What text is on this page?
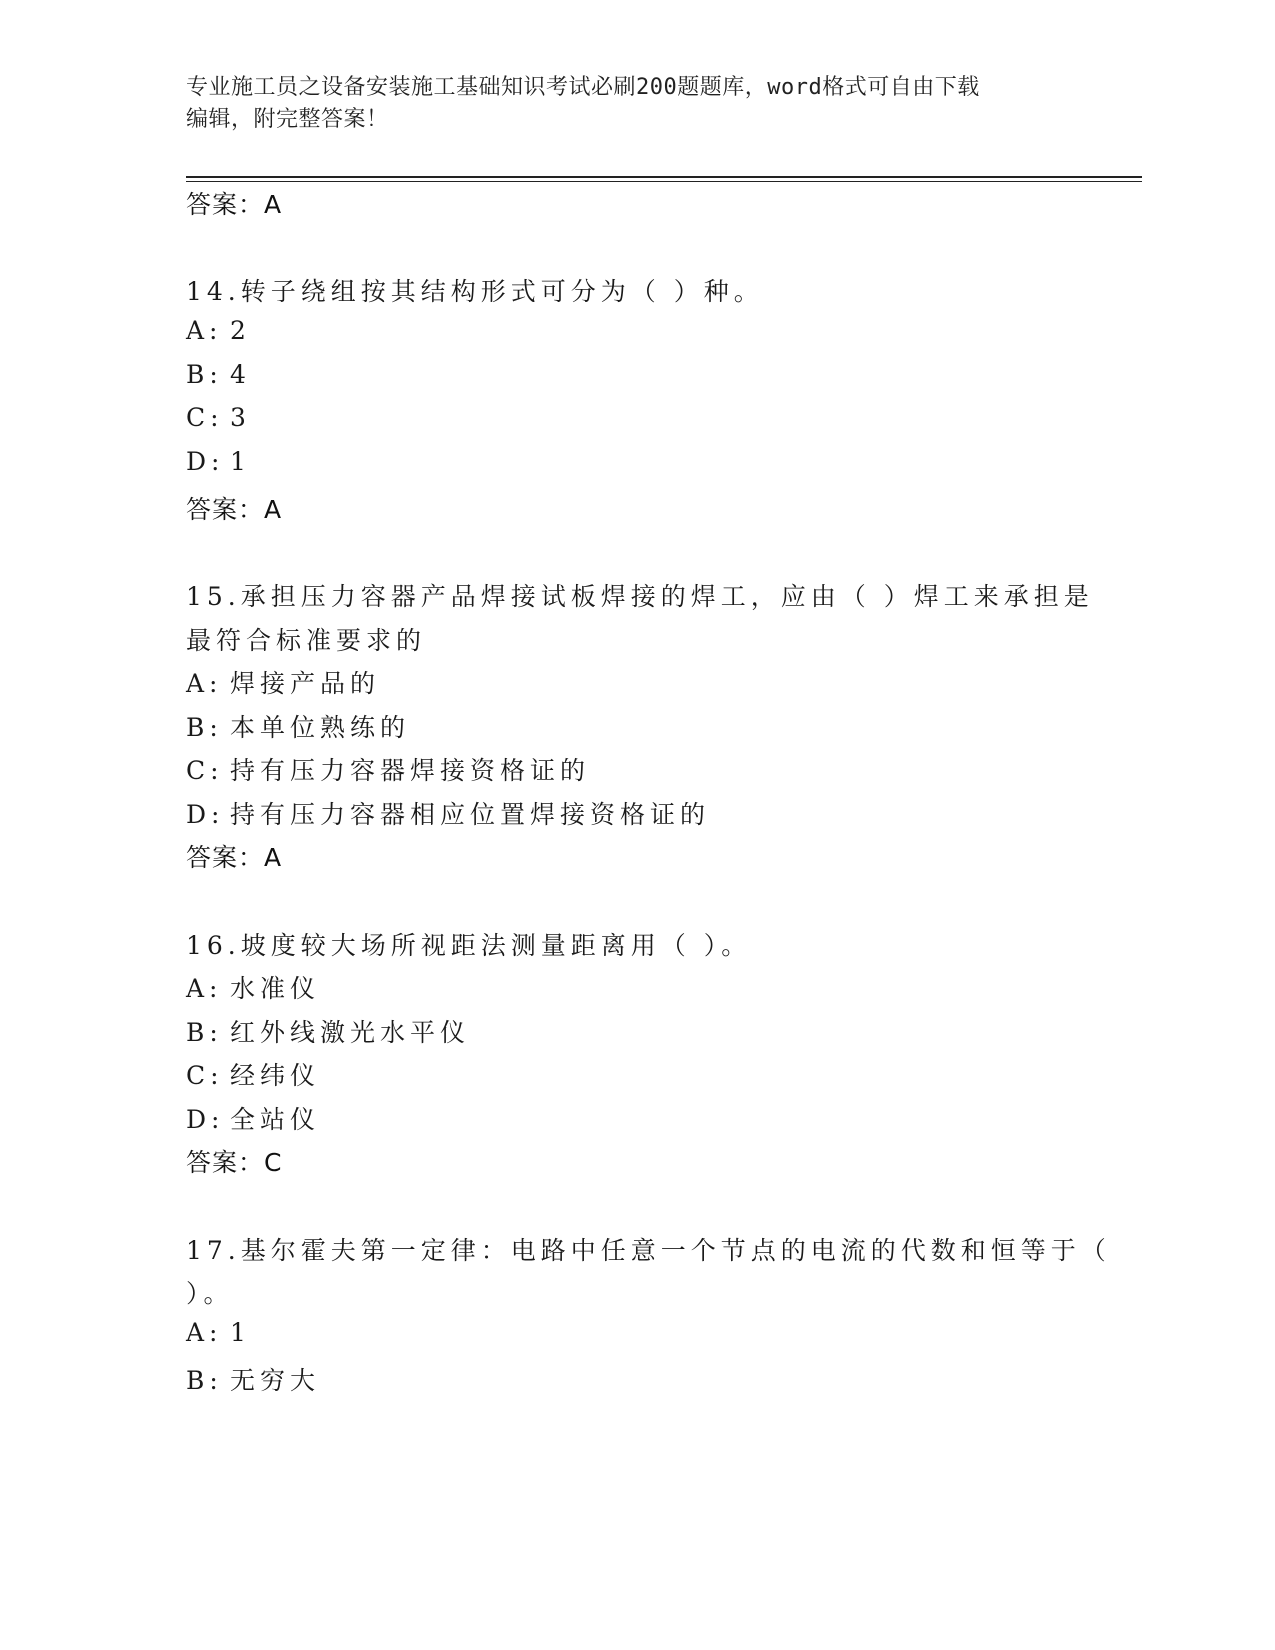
专业施工员之设备安装施工基础知识考试必刷200题题库，word格式可自由下载
编辑，附完整答案！
答案：A
14.转子绕组按其结构形式可分为（ ）种。
A: 2
B: 4
C: 3
D: 1
答案：A
15.承担压力容器产品焊接试板焊接的焊工，应由（ ）焊工来承担是
最符合标准要求的
A: 焊接产品的
B: 本单位熟练的
C: 持有压力容器焊接资格证的
D: 持有压力容器相应位置焊接资格证的
答案：A
16.坡度较大场所视距法测量距离用（ ）。
A: 水准仪
B: 红外线激光水平仪
C: 经纬仪
D: 全站仪
答案：C
17.基尔霍夫第一定律：电路中任意一个节点的电流的代数和恒等于（
）。
A: 1
B: 无穷大
